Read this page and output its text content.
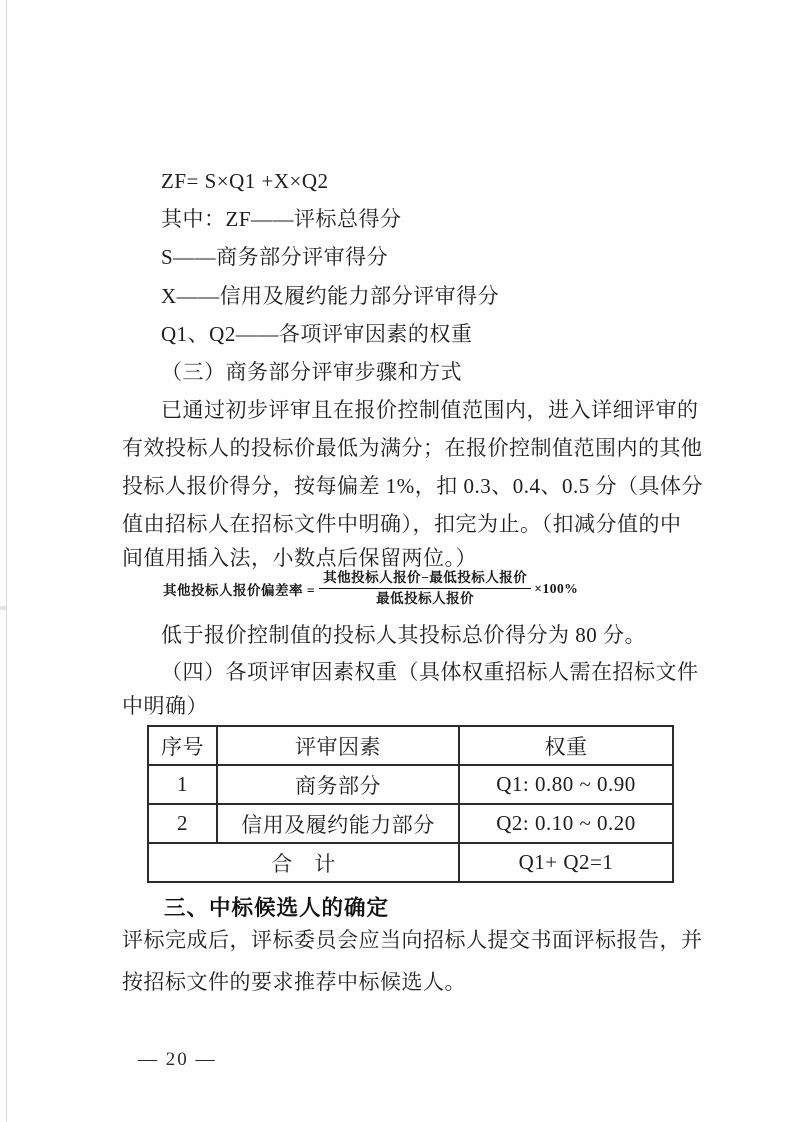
ZF= S×Q1 +X×Q2
其中：ZF——评标总得分
S——商务部分评审得分
X——信用及履约能力部分评审得分
Q1、Q2——各项评审因素的权重
（三）商务部分评审步骤和方式
已通过初步评审且在报价控制值范围内，进入详细评审的
有效投标人的投标价最低为满分；在报价控制值范围内的其他
投标人报价得分，按每偏差 1%，扣 0.3、0.4、0.5 分（具体分
值由招标人在招标文件中明确），扣完为止。（扣减分值的中
间值用插入法，小数点后保留两位。）
其他投标人报价偏差率 = $\frac{\text{其他投标人报价−最低投标人报价}}{\text{最低投标人报价}} \times 100\%$
低于报价控制值的投标人其投标总价得分为 80 分。
（四）各项评审因素权重（具体权重招标人需在招标文件
中明确）
序号	评审因素	权重
1	商务部分	Q1: 0.80 ~ 0.90
2	信用及履约能力部分	Q2: 0.10 ~ 0.20
合　计		Q1+ Q2=1
三、中标候选人的确定
评标完成后，评标委员会应当向招标人提交书面评标报告，并
按招标文件的要求推荐中标候选人。
— 20 —
